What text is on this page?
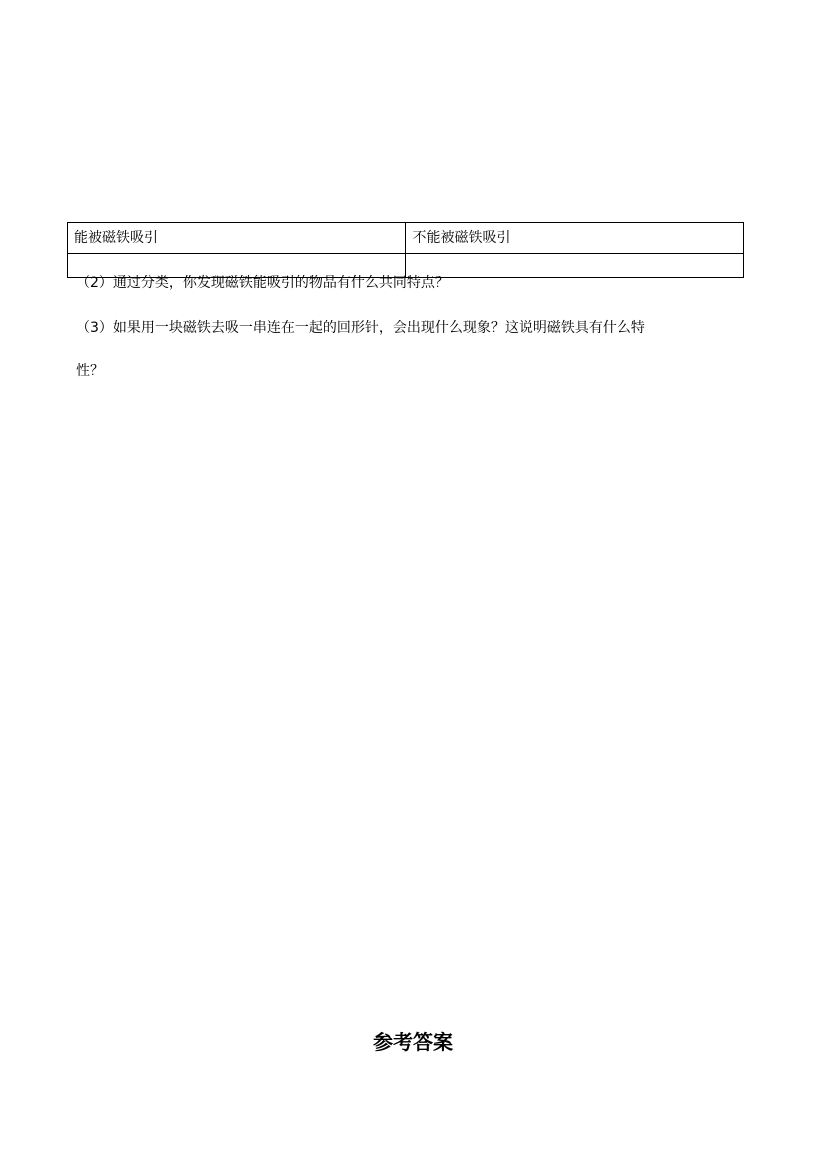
能被磁铁吸引	不能被磁铁吸引

（2）通过分类，你发现磁铁能吸引的物品有什么共同特点？
（3）如果用一块磁铁去吸一串连在一起的回形针，会出现什么现象？这说明磁铁具有什么特
性？
参考答案
